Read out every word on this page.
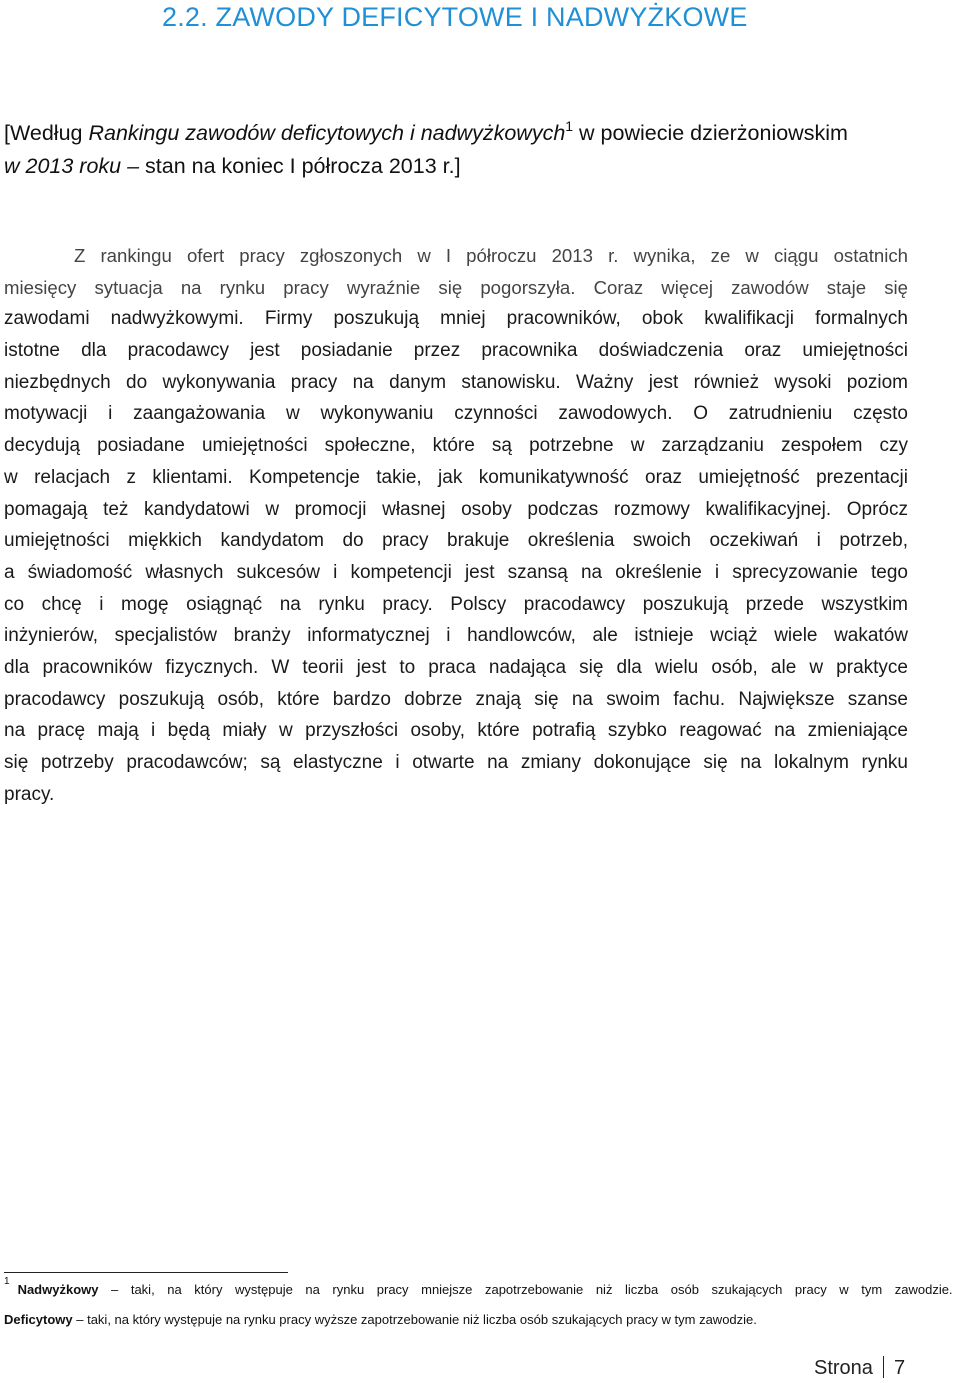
2.2. ZAWODY DEFICYTOWE I NADWYŻKOWE
[Według Rankingu zawodów deficytowych i nadwyżkowych$^1$ w powiecie dzierżoniowskim
w 2013 roku – stan na koniec I półrocza 2013 r.]
Z rankingu ofert pracy zgłoszonych w I półroczu 2013 r. wynika, ze w ciągu ostatnich
miesięcy sytuacja na rynku pracy wyraźnie się pogorszyła. Coraz więcej zawodów staje się
zawodami nadwyżkowymi. Firmy poszukują mniej pracowników, obok kwalifikacji formalnych
istotne dla pracodawcy jest posiadanie przez pracownika doświadczenia oraz umiejętności
niezbędnych do wykonywania pracy na danym stanowisku. Ważny jest również wysoki poziom
motywacji i zaangażowania w wykonywaniu czynności zawodowych. O zatrudnieniu często
decydują posiadane umiejętności społeczne, które są potrzebne w zarządzaniu zespołem czy
w relacjach z klientami. Kompetencje takie, jak komunikatywność oraz umiejętność prezentacji
pomagają też kandydatowi w promocji własnej osoby podczas rozmowy kwalifikacyjnej. Oprócz
umiejętności miękkich kandydatom do pracy brakuje określenia swoich oczekiwań i potrzeb,
a świadomość własnych sukcesów i kompetencji jest szansą na określenie i sprecyzowanie tego
co chcę i mogę osiągnąć na rynku pracy. Polscy pracodawcy poszukują przede wszystkim
inżynierów, specjalistów branży informatycznej i handlowców, ale istnieje wciąż wiele wakatów
dla pracowników fizycznych. W teorii jest to praca nadająca się dla wielu osób, ale w praktyce
pracodawcy poszukują osób, które bardzo dobrze znają się na swoim fachu. Największe szanse
na pracę mają i będą miały w przyszłości osoby, które potrafią szybko reagować na zmieniające
się potrzeby pracodawców; są elastyczne i otwarte na zmiany dokonujące się na lokalnym rynku
pracy.
$^1$Nadwyżkowy – taki, na który występuje na rynku pracy mniejsze zapotrzebowanie niż liczba osób szukających pracy w tym zawodzie.
Deficytowy – taki, na który występuje na rynku pracy wyższe zapotrzebowanie niż liczba osób szukających pracy w tym zawodzie.
Strona 7
